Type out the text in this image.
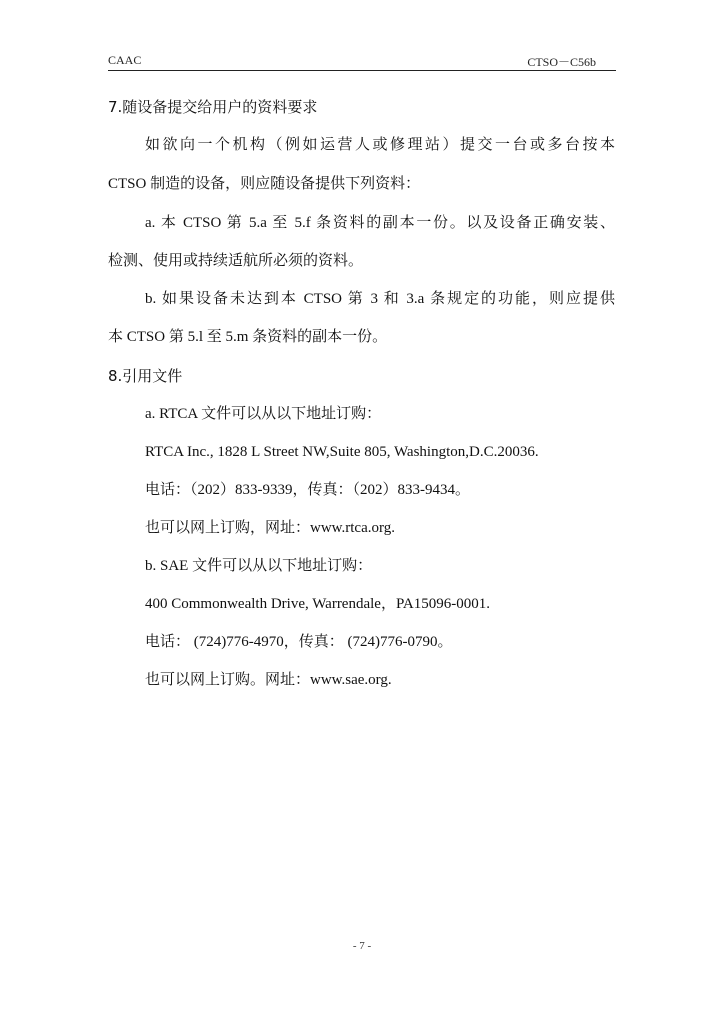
CAAC	CTSO－C56b
7.随设备提交给用户的资料要求
如欲向一个机构（例如运营人或修理站）提交一台或多台按本
CTSO 制造的设备，则应随设备提供下列资料：
a. 本 CTSO 第 5.a 至 5.f 条资料的副本一份。以及设备正确安装、
检测、使用或持续适航所必须的资料。
b. 如果设备未达到本 CTSO 第 3 和 3.a 条规定的功能，则应提供
本 CTSO 第 5.l 至 5.m 条资料的副本一份。
8.引用文件
a. RTCA 文件可以从以下地址订购：
RTCA Inc., 1828 L Street NW,Suite 805, Washington,D.C.20036.
电话：（202）833-9339，传真：（202）833-9434。
也可以网上订购，网址：www.rtca.org.
b. SAE 文件可以从以下地址订购：
400 Commonwealth Drive, Warrendale，PA15096-0001.
电话： (724)776-4970，传真： (724)776-0790。
也可以网上订购。网址：www.sae.org.
- 7 -
